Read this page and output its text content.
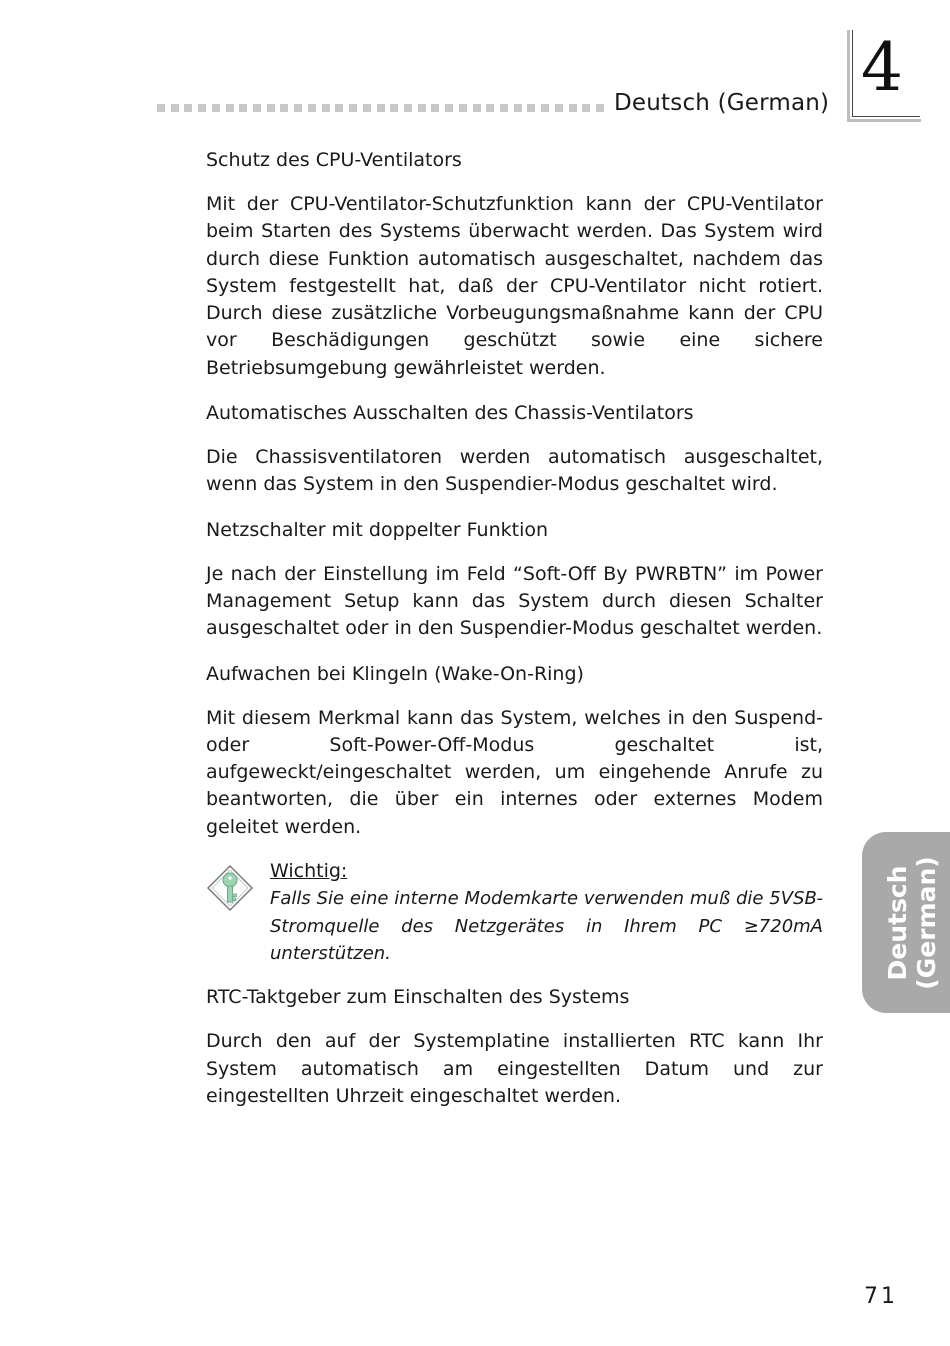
Deutsch (German) 4
Deutsch (German)
Schutz des CPU-Ventilators

Mit der CPU-Ventilator-Schutzfunktion kann der CPU-Ventilator beim Starten des Systems überwacht werden. Das System wird durch diese Funktion automatisch ausgeschaltet, nachdem das System festgestellt hat, daß der CPU-Ventilator nicht rotiert. Durch diese zusätzliche Vorbeugungsmaßnahme kann der CPU vor Beschädigungen geschützt sowie eine sichere Betriebsumgebung gewährleistet werden.

Automatisches Ausschalten des Chassis-Ventilators

Die Chassisventilatoren werden automatisch ausgeschaltet, wenn das System in den Suspendier-Modus geschaltet wird.

Netzschalter mit doppelter Funktion

Je nach der Einstellung im Feld “Soft-Off By PWRBTN” im Power Management Setup kann das System durch diesen Schalter ausgeschaltet oder in den Suspendier-Modus geschaltet werden.

Aufwachen bei Klingeln (Wake-On-Ring)

Mit diesem Merkmal kann das System, welches in den Suspend- oder Soft-Power-Off-Modus geschaltet ist, aufgeweckt/eingeschaltet werden, um eingehende Anrufe zu beantworten, die über ein internes oder externes Modem geleitet werden.

Wichtig:
Falls Sie eine interne Modemkarte verwenden muß die 5VSB-Stromquelle des Netzgerätes in Ihrem PC ≥720mA unterstützen.
RTC-Taktgeber zum Einschalten des Systems

Durch den auf der Systemplatine installierten RTC kann Ihr System automatisch am eingestellten Datum und zur eingestellten Uhrzeit eingeschaltet werden.

71
